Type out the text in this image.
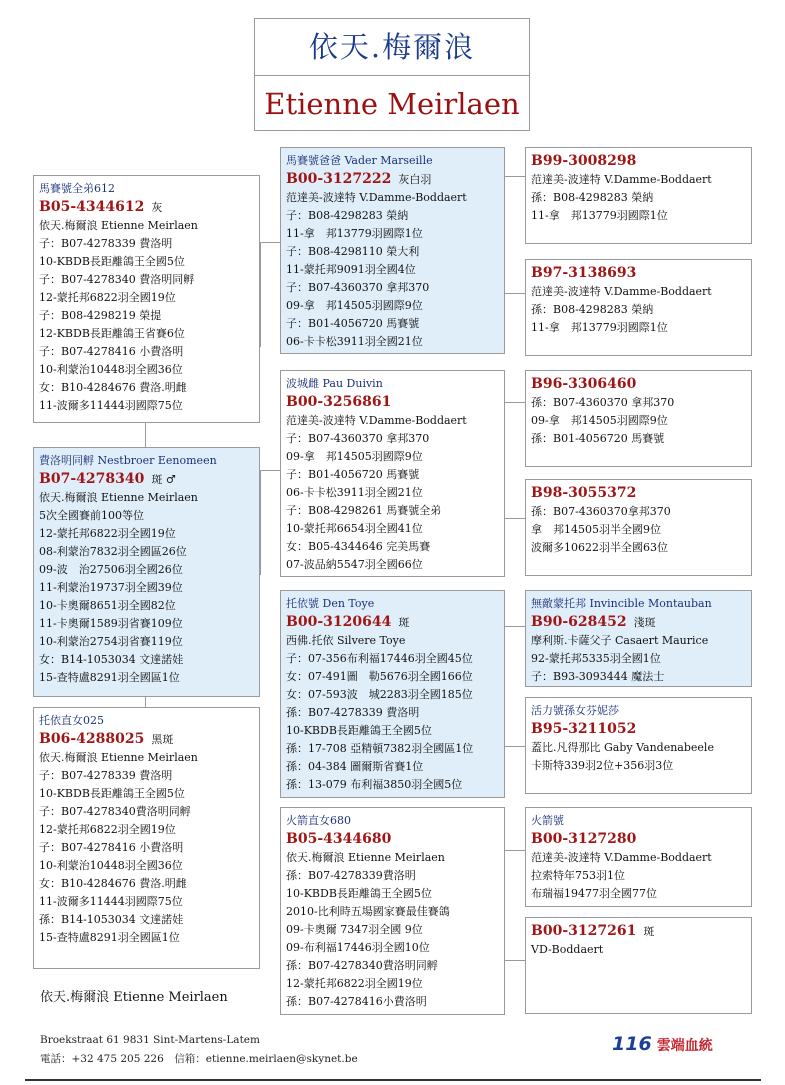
依天.梅爾浪
Etienne Meirlaen
馬賽號全弟612
B05-4344612 灰
依天.梅爾浪 Etienne Meirlaen
子：B07-4278339 費洛明
10-KBDB長距離鴿王全國5位
子：B07-4278340 費洛明同孵
12-蒙托邦6822羽全國19位
子：B08-4298219 榮提
12-KBDB長距離鴿王省賽6位
子：B07-4278416 小費洛明
10-利蒙治10448羽全國36位
女：B10-4284676 費洛.明雌
11-波爾多11444羽國際75位
費洛明同孵 Nestbroer Eenomeen
B07-4278340 斑 ♂
依天.梅爾浪 Etienne Meirlaen
5次全國賽前100等位
12-蒙托邦6822羽全國19位
08-利蒙治7832羽全國區26位
09-波　治27506羽全國26位
11-利蒙治19737羽全國39位
10-卡奧爾8651羽全國82位
11-卡奧爾1589羽省賽109位
10-利蒙治2754羽省賽119位
女：B14-1053034 文達諾娃
15-查特盧8291羽全國區1位
托依直女025
B06-4288025 黑斑
依天.梅爾浪 Etienne Meirlaen
子：B07-4278339 費洛明
10-KBDB長距離鴿王全國5位
子：B07-4278340費洛明同孵
12-蒙托邦6822羽全國19位
子：B07-4278416 小費洛明
10-利蒙治10448羽全國36位
女：B10-4284676 費洛.明雌
11-波爾多11444羽國際75位
孫：B14-1053034 文達諾娃
15-查特盧8291羽全國區1位
馬賽號爸爸 Vader Marseille
B00-3127222 灰白羽
范達美-波達特 V.Damme-Boddaert
子：B08-4298283 榮納
11-拿　邦13779羽國際1位
子：B08-4298110 榮大利
11-蒙托邦9091羽全國4位
子：B07-4360370 拿邦370
09-拿　邦14505羽國際9位
子：B01-4056720 馬賽號
06-卡卡松3911羽全國21位
波城雌 Pau Duivin
B00-3256861
范達美-波達特 V.Damme-Boddaert
子：B07-4360370 拿邦370
09-拿　邦14505羽國際9位
子：B01-4056720 馬賽號
06-卡卡松3911羽全國21位
子：B08-4298261 馬賽號全弟
10-蒙托邦6654羽全國41位
女：B05-4344646 完美馬賽
07-波品納5547羽全國66位
托依號 Den Toye
B00-3120644 斑
西佛.托依 Silvere Toye
子：07-356布利福17446羽全國45位
女：07-491圖　勒5676羽全國166位
女：07-593波　城2283羽全國185位
孫：B07-4278339 費洛明
10-KBDB長距離鴿王全國5位
孫：17-708 亞精頓7382羽全國區1位
孫：04-384 圖爾斯省賽1位
孫：13-079 布利福3850羽全國5位
火箭直女680
B05-4344680
依天.梅爾浪 Etienne Meirlaen
孫：B07-4278339費洛明
10-KBDB長距離鴿王全國5位
2010-比利時五場國家賽最佳賽鴿
09-卡奧爾 7347羽全國 9位
09-布利福17446羽全國10位
孫：B07-4278340費洛明同孵
12-蒙托邦6822羽全國19位
孫：B07-4278416小費洛明
B99-3008298
范達美-波達特 V.Damme-Boddaert
孫：B08-4298283 榮納
11-拿　邦13779羽國際1位
B97-3138693
范達美-波達特 V.Damme-Boddaert
孫：B08-4298283 榮納
11-拿　邦13779羽國際1位
B96-3306460
孫：B07-4360370 拿邦370
09-拿　邦14505羽國際9位
孫：B01-4056720 馬賽號
B98-3055372
孫：B07-4360370拿邦370
拿　邦14505羽半全國9位
波爾多10622羽半全國63位
無敵蒙托邦 Invincible Montauban
B90-628452 淺斑
摩利斯.卡薩父子 Casaert Maurice
92-蒙托邦5335羽全國1位
子：B93-3093444 魔法士
活力號孫女芬妮莎
B95-3211052
蓋比.凡得那比 Gaby Vandenabeele
卡斯特339羽2位+356羽3位
火箭號
B00-3127280
范達美-波達特 V.Damme-Boddaert
拉索特年753羽1位
布瑞福19477羽全國77位
B00-3127261 斑
VD-Boddaert
依天.梅爾浪 Etienne Meirlaen
Broekstraat 61 9831 Sint-Martens-Latem
電話：+32 475 205 226　信箱：etienne.meirlaen@skynet.be
116 雲端血統
